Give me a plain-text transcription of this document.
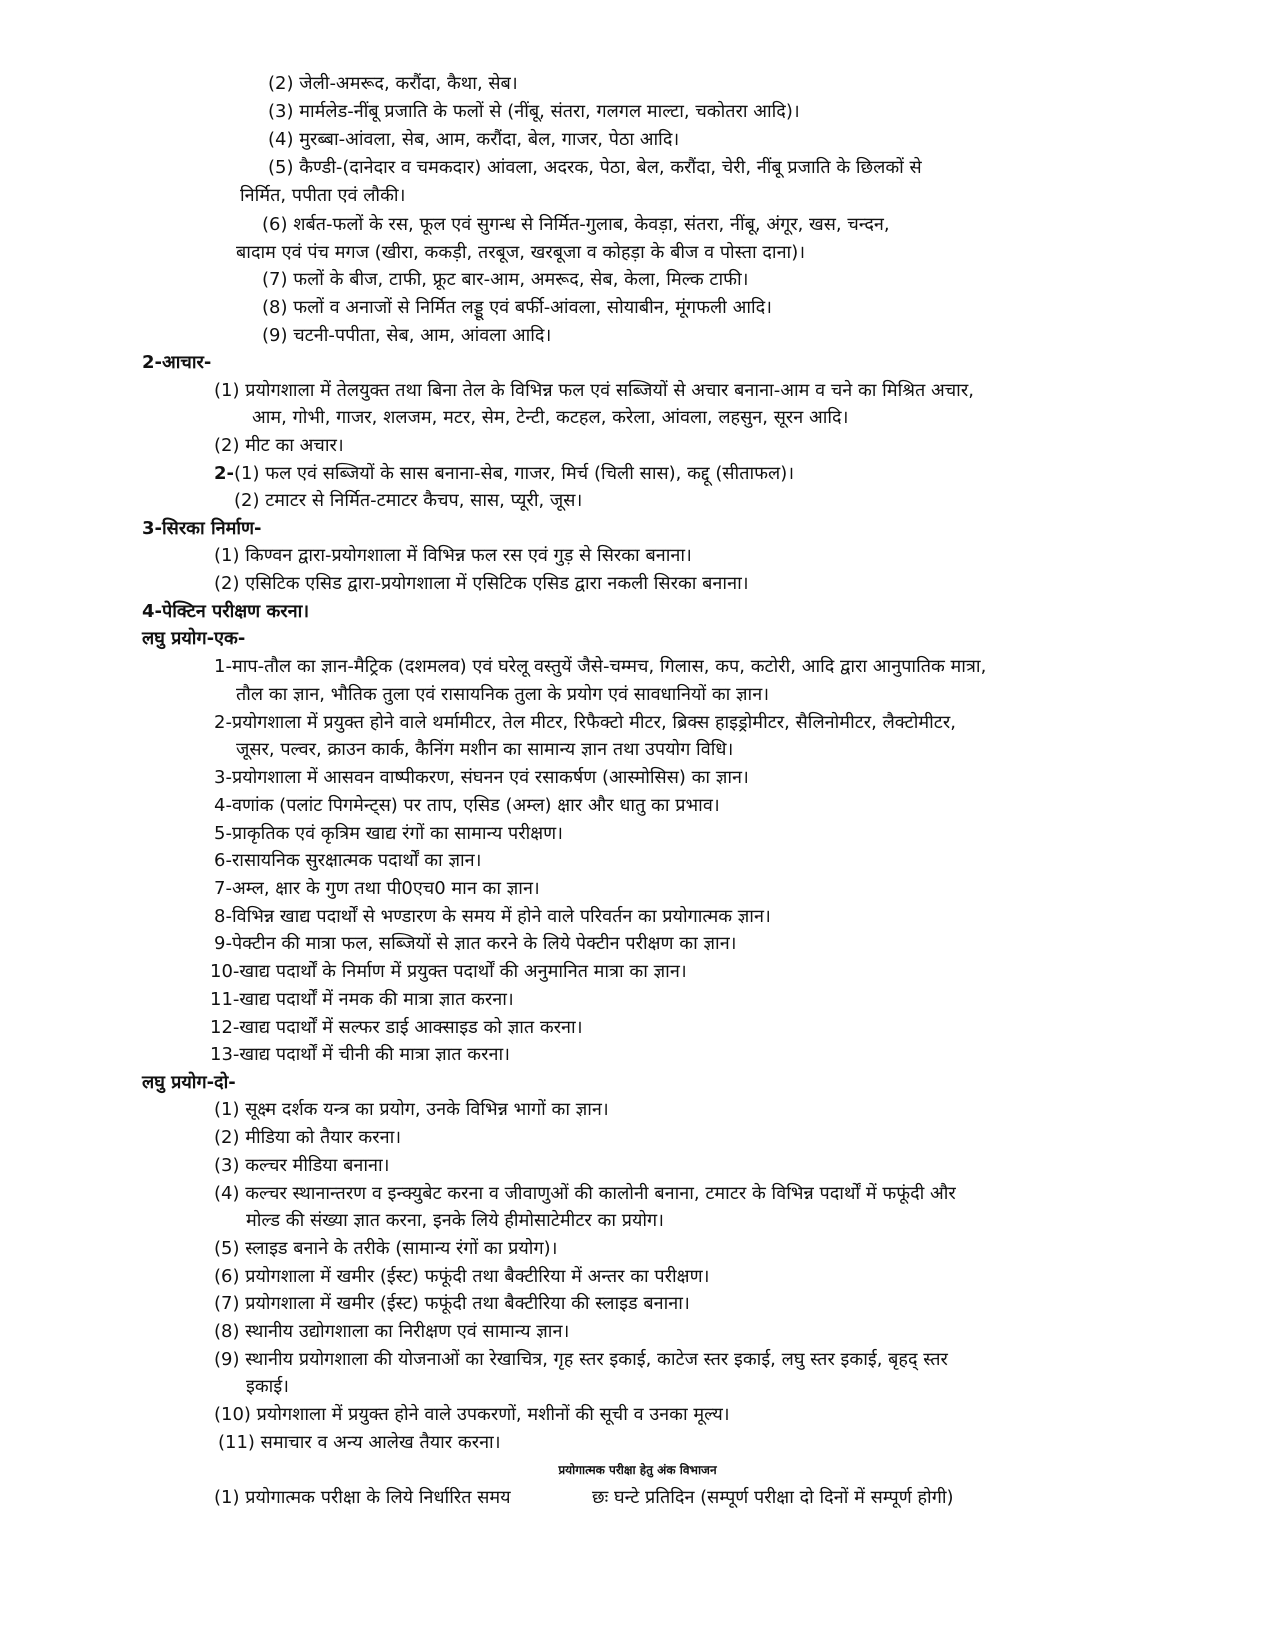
(2) जेली-अमरूद, करौंदा, कैथा, सेब।
(3) मार्मलेड-नींबू प्रजाति के फलों से (नींबू, संतरा, गलगल माल्टा, चकोतरा आदि)।
(4) मुरब्बा-आंवला, सेब, आम, करौंदा, बेल, गाजर, पेठा आदि।
(5) कैण्डी-(दानेदार व चमकदार) आंवला, अदरक, पेठा, बेल, करौंदा, चेरी, नींबू प्रजाति के छिलकों से
निर्मित, पपीता एवं लौकी।
(6) शर्बत-फलों के रस, फूल एवं सुगन्ध से निर्मित-गुलाब, केवड़ा, संतरा, नींबू, अंगूर, खस, चन्दन,
बादाम एवं पंच मगज (खीरा, ककड़ी, तरबूज, खरबूजा व कोहड़ा के बीज व पोस्ता दाना)।
(7) फलों के बीज, टाफी, फ्रूट बार-आम, अमरूद, सेब, केला, मिल्क टाफी।
(8) फलों व अनाजों से निर्मित लड्डू एवं बर्फी-आंवला, सोयाबीन, मूंगफली आदि।
(9) चटनी-पपीता, सेब, आम, आंवला आदि।
2-आचार-
(1) प्रयोगशाला में तेलयुक्त तथा बिना तेल के विभिन्न फल एवं सब्जियों से अचार बनाना-आम व चने का मिश्रित अचार,
आम, गोभी, गाजर, शलजम, मटर, सेम, टेन्टी, कटहल, करेला, आंवला, लहसुन, सूरन आदि।
(2) मीट का अचार।
2-(1) फल एवं सब्जियों के सास बनाना-सेब, गाजर, मिर्च (चिली सास), कद्दू (सीताफल)।
(2) टमाटर से निर्मित-टमाटर कैचप, सास, प्यूरी, जूस।
3-सिरका निर्माण-
(1) किण्वन द्वारा-प्रयोगशाला में विभिन्न फल रस एवं गुड़ से सिरका बनाना।
(2) एसिटिक एसिड द्वारा-प्रयोगशाला में एसिटिक एसिड द्वारा नकली सिरका बनाना।
4-पेक्टिन परीक्षण करना।
लघु प्रयोग-एक-
1-माप-तौल का ज्ञान-मैट्रिक (दशमलव) एवं घरेलू वस्तुयें जैसे-चम्मच, गिलास, कप, कटोरी, आदि द्वारा आनुपातिक मात्रा,
तौल का ज्ञान, भौतिक तुला एवं रासायनिक तुला के प्रयोग एवं सावधानियों का ज्ञान।
2-प्रयोगशाला में प्रयुक्त होने वाले थर्मामीटर, तेल मीटर, रिफैक्टो मीटर, ब्रिक्स हाइड्रोमीटर, सैलिनोमीटर, लैक्टोमीटर,
जूसर, पल्वर, क्राउन कार्क, कैनिंग मशीन का सामान्य ज्ञान तथा उपयोग विधि।
3-प्रयोगशाला में आसवन वाष्पीकरण, संघनन एवं रसाकर्षण (आस्मोसिस) का ज्ञान।
4-वणांक (पलांट पिगमेन्ट्स) पर ताप, एसिड (अम्ल) क्षार और धातु का प्रभाव।
5-प्राकृतिक एवं कृत्रिम खाद्य रंगों का सामान्य परीक्षण।
6-रासायनिक सुरक्षात्मक पदार्थों का ज्ञान।
7-अम्ल, क्षार के गुण तथा पी0एच0 मान का ज्ञान।
8-विभिन्न खाद्य पदार्थों से भण्डारण के समय में होने वाले परिवर्तन का प्रयोगात्मक ज्ञान।
9-पेक्टीन की मात्रा फल, सब्जियों से ज्ञात करने के लिये पेक्टीन परीक्षण का ज्ञान।
10-खाद्य पदार्थों के निर्माण में प्रयुक्त पदार्थों की अनुमानित मात्रा का ज्ञान।
11-खाद्य पदार्थों में नमक की मात्रा ज्ञात करना।
12-खाद्य पदार्थों में सल्फर डाई आक्साइड को ज्ञात करना।
13-खाद्य पदार्थों में चीनी की मात्रा ज्ञात करना।
लघु प्रयोग-दो-
(1) सूक्ष्म दर्शक यन्त्र का प्रयोग, उनके विभिन्न भागों का ज्ञान।
(2) मीडिया को तैयार करना।
(3) कल्चर मीडिया बनाना।
(4) कल्चर स्थानान्तरण व इन्क्युबेट करना व जीवाणुओं की कालोनी बनाना, टमाटर के विभिन्न पदार्थों में फफूंदी और
मोल्ड की संख्या ज्ञात करना, इनके लिये हीमोसाटेमीटर का प्रयोग।
(5) स्लाइड बनाने के तरीके (सामान्य रंगों का प्रयोग)।
(6) प्रयोगशाला में खमीर (ईस्ट) फफूंदी तथा बैक्टीरिया में अन्तर का परीक्षण।
(7) प्रयोगशाला में खमीर (ईस्ट) फफूंदी तथा बैक्टीरिया की स्लाइड बनाना।
(8) स्थानीय उद्योगशाला का निरीक्षण एवं सामान्य ज्ञान।
(9) स्थानीय प्रयोगशाला की योजनाओं का रेखाचित्र, गृह स्तर इकाई, काटेज स्तर इकाई, लघु स्तर इकाई, बृहद् स्तर
इकाई।
(10) प्रयोगशाला में प्रयुक्त होने वाले उपकरणों, मशीनों की सूची व उनका मूल्य।
(11) समाचार व अन्य आलेख तैयार करना।
प्रयोगात्मक परीक्षा हेतु अंक विभाजन
(1) प्रयोगात्मक परीक्षा के लिये निर्धारित समय	छः घन्टे प्रतिदिन (सम्पूर्ण परीक्षा दो दिनों में सम्पूर्ण होगी)
